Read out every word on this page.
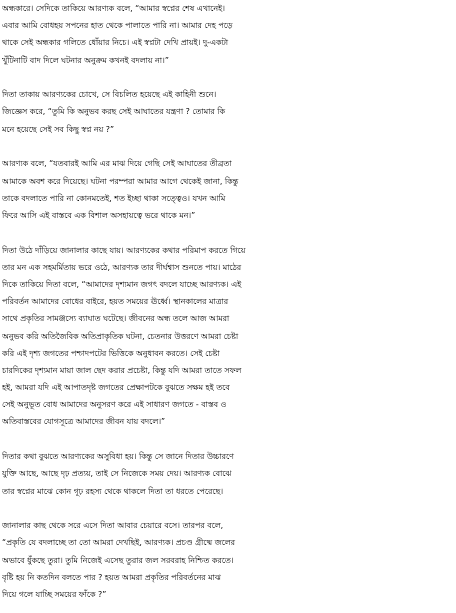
অন্ধকারে। সেদিকে তাকিয়ে আরণ্যক বলে, “আমার স্বপ্নের শেষ এখানেই।
এবার আমি বোধহয় সপনের হাত থেকে পালাতে পারি না। আমার দেহ পড়ে
থাকে সেই অন্ধকার গলিতে ধোঁয়ার নিচে। এই স্বপ্নটা দেখি প্রায়ই। দু-একটা
খুঁটিনাটি বাদ দিলে ঘটনার অনুক্রম কখনই বদলায় না।”
দিতা তাকায় আরণ্যকের চোখে, সে বিচলিত হয়েছে এই কাহিনী শুনে।
জিজ্ঞেস করে, “তুমি কি অনুভব করছ সেই আঘাতের যন্ত্রণা ? তোমার কি
মনে হয়েছে সেই সব কিছু স্বপ্ন নয় ?”
আরণ্যক বলে, “যতবারই আমি এর মাঝ দিয়ে গেছি সেই আঘাতের তীব্রতা
আমাকে অবশ করে দিয়েছে। ঘটনা পরম্পরা আমার আগে থেকেই জানা, কিন্তু
তাকে বদলাতে পারি না কোনমতেই, শত ইচ্ছা থাকা সত্ত্বেও। যখন আমি
ফিরে আসি এই বাস্তবে এক বিশাল অসহায়ত্বে ভরে থাকে মন।”
দিতা উঠে দাঁড়িয়ে জানালার কাছে যায়। আরণ্যকের কথার পরিমাপ করতে গিয়ে
তার মন এক সহমর্মিতায় ভরে ওঠে, আরণ্যক তার দীর্ঘশ্বাস শুনতে পায়। মাঠের
দিকে তাকিয়ে দিতা বলে, “আমাদের দৃশ্যমান জগৎ বদলে যাচ্ছে আরণ্যক। এই
পরিবর্তন আমাদের বোধের বাইরে, হয়ত সময়ের ঊর্ধ্বে। স্থানকালের মাত্রার
সাথে প্রকৃতির সামঞ্জস্যে ব্যাঘাত ঘটেছে। জীবনের অন্ধ তলে আজ আমরা
অনুভব করি অতিজৈবিক অতিপ্রাকৃতিক ঘটনা, চেতনার উত্তরণে আমরা চেষ্টা
করি এই দৃশ্য জগতের পশ্চাদপটের ভিত্তিকে অনুধাবন করতে। সেই চেষ্টা
চারদিকের দৃশ্যমান মায়া জাল ছেদ করার প্রচেষ্টা, কিন্তু যদি আমরা তাতে সফল
হই, আমরা যদি এই আপাতদৃষ্ট জগতের প্রেক্ষাপটকে বুঝতে সক্ষম হই তবে
সেই অনুভূত বোধ আমাদের অনুসরণ করে এই সাধারণ জগতে - বাস্তব ও
অতিবাস্তবের যোগসূত্রে আমাদের জীবন যায় বদলে।”
দিতার কথা বুঝতে আরণ্যকের অসুবিধা হয়। কিন্তু সে জানে দিতার উচ্চারণে
যুক্তি আছে, আছে দৃঢ় প্রত্যয়, তাই সে নিজেকে সময় দেয়। আরণ্যক বোঝে
তার স্বপ্নের মাঝে কোন গূঢ় রহস্য থেকে থাকলে দিতা তা ধরতে পেরেছে।
জানালার কাছ থেকে সরে এসে দিতা আবার চেয়ারে বসে। তারপর বলে,
“প্রকৃতি যে বদলাচ্ছে তা তো আমরা দেখছিই, আরণ্যক। প্রচণ্ড গ্রীষ্মে জলের
অভাবে ধুঁকছে তুরা। তুমি নিজেই এসেছ তুরার জল সরবরাহ নিশ্চিত করতে।
বৃষ্টি হয় নি কতদিন বলতে পার ? হয়ত আমরা প্রকৃতির পরিবর্তনের মাঝ
দিয়ে গলে যাচ্ছি সময়ের ফাঁকে ?”
